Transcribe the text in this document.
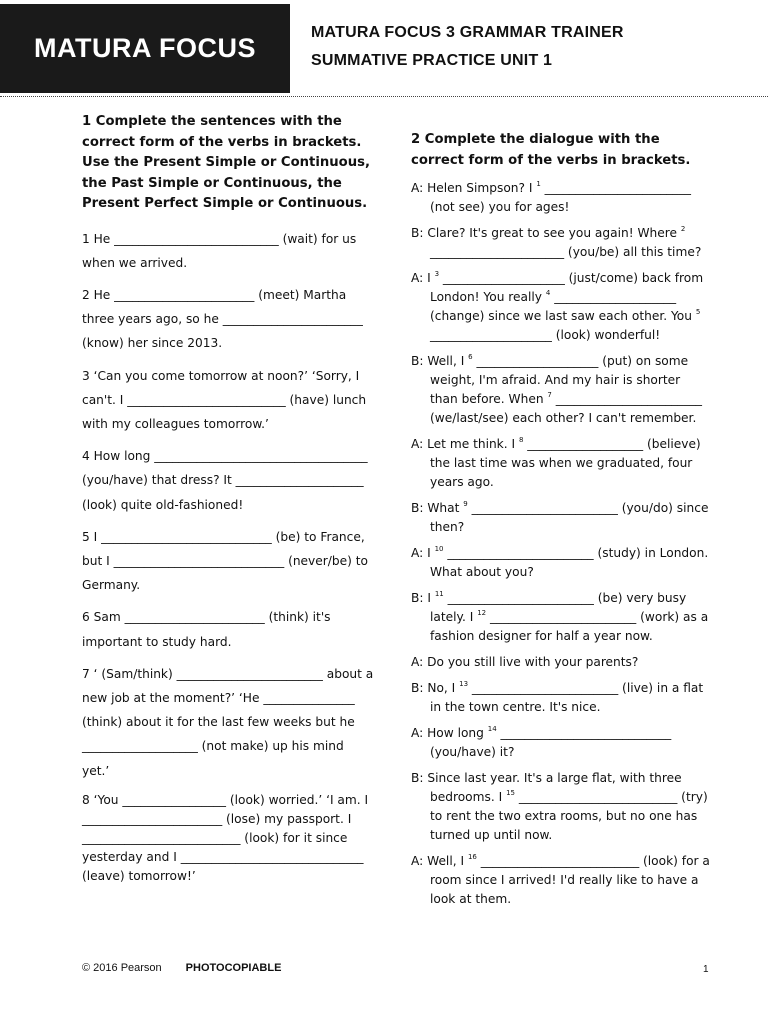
MATURA FOCUS
MATURA FOCUS 3 GRAMMAR TRAINER
SUMMATIVE PRACTICE UNIT 1

1 Complete the sentences with the correct form of the verbs in brackets. Use the Present Simple or Continuous, the Past Simple or Continuous, the Present Perfect Simple or Continuous.

1 He ___________________________ (wait) for us when we arrived.
2 He _______________________ (meet) Martha three years ago, so he _______________________ (know) her since 2013.
3 ‘Can you come tomorrow at noon?’ ‘Sorry, I can't. I __________________________ (have) lunch with my colleagues tomorrow.’
4 How long ___________________________________ (you/have) that dress? It _____________________ (look) quite old-fashioned!
5 I ____________________________ (be) to France, but I ____________________________ (never/be) to Germany.
6 Sam _______________________ (think) it's important to study hard.
7 ‘ (Sam/think) ________________________ about a new job at the moment?’ ‘He _______________ (think) about it for the last few weeks but he ___________________ (not make) up his mind yet.’
8 ‘You _________________ (look) worried.’ ‘I am. I _______________________ (lose) my passport. I __________________________ (look) for it since yesterday and I ______________________________ (leave) tomorrow!’

2 Complete the dialogue with the correct form of the verbs in brackets.

A: Helen Simpson? I $^1$ ________________________ (not see) you for ages!
B: Clare? It's great to see you again! Where $^2$ ______________________ (you/be) all this time?
A: I $^3$ ____________________ (just/come) back from London! You really $^4$ ____________________ (change) since we last saw each other. You $^5$ ____________________ (look) wonderful!
B: Well, I $^6$ ____________________ (put) on some weight, I'm afraid. And my hair is shorter than before. When $^7$ ________________________ (we/last/see) each other? I can't remember.
A: Let me think. I $^8$ ___________________ (believe) the last time was when we graduated, four years ago.
B: What $^9$ ________________________ (you/do) since then?
A: I $^{10}$ ________________________ (study) in London. What about you?
B: I $^{11}$ ________________________ (be) very busy lately. I $^{12}$ ________________________ (work) as a fashion designer for half a year now.
A: Do you still live with your parents?
B: No, I $^{13}$ ________________________ (live) in a flat in the town centre. It's nice.
A: How long $^{14}$ ____________________________ (you/have) it?
B: Since last year. It's a large flat, with three bedrooms. I $^{15}$ __________________________ (try) to rent the two extra rooms, but no one has turned up until now.
A: Well, I $^{16}$ __________________________ (look) for a room since I arrived! I'd really like to have a look at them.
© 2016 Pearson PHOTOCOPIABLE	1
